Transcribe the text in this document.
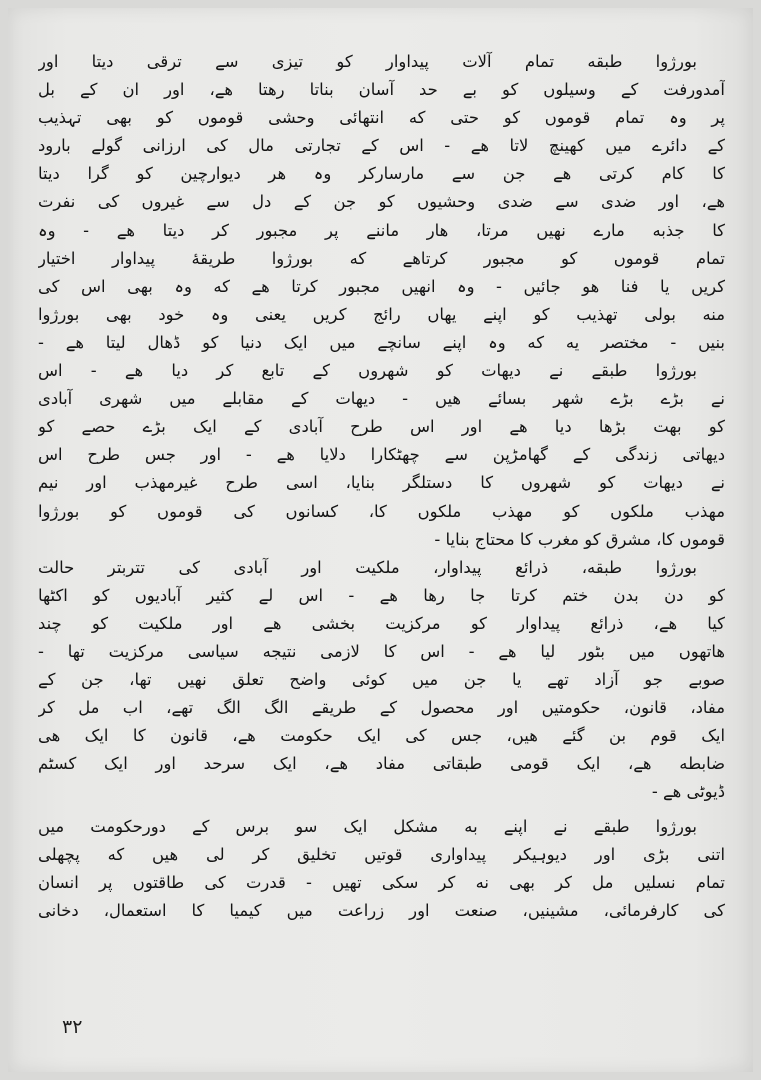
بورژوا طبقه تمام آلات پیداوار کو تیزی سے ترقی دیتا اور
آمدورفت کے وسیلوں کو بے حد آسان بناتا رهتا هے، اور ان کے بل
پر وہ تمام قوموں کو حتی که انتهائی وحشی قوموں کو بهی تہذیب
کے دائرے میں کهینچ لاتا هے - اس کے تجارتی مال کی ارزانی گولے بارود
کا کام کرتی هے جن سے مارسارکر وہ هر دیوارچین کو گرا دیتا
هے، اور ضدی سے ضدی وحشیوں کو جن کے دل سے غیروں کی نفرت
کا جذبه مارے نهیں مرتا، هار ماننے پر مجبور کر دیتا هے - وہ
تمام قوموں کو مجبور کرتاهے که بورژوا طریقهٔ پیداوار اختیار
کریں یا فنا هو جائیں - وہ انهیں مجبور کرتا هے که وہ بهی اس کی
منه بولی تهذیب کو اپنے یهاں رائج کریں یعنی وہ خود بهی بورژوا
بنیں - مختصر یه که وہ اپنے سانچے میں ایک دنیا کو ڈهال لیتا هے -
بورژوا طبقے نے دیهات کو شهروں کے تابع کر دیا هے - اس
نے بڑے بڑے شهر بسائے هیں - دیهات کے مقابلے میں شهری آبادی
کو بهت بڑها دیا هے اور اس طرح آبادی کے ایک بڑے حصے کو
دیهاتی زندگی کے گهامڑپن سے چهٹکارا دلایا هے - اور جس طرح اس
نے دیهات کو شهروں کا دستلگر بنایا، اسی طرح غیرمهذب اور نیم
مهذب ملکوں کو مهذب ملکوں کا، کسانوں کی قوموں کو بورژوا
قوموں کا، مشرق کو مغرب کا محتاج بنایا -
بورژوا طبقه، ذرائع پیداوار، ملکیت اور آبادی کی تتربتر حالت
کو دن بدن ختم کرتا جا رها هے - اس لے کثیر آبادیوں کو اکٹها
کیا هے، ذرائع پیداوار کو مرکزیت بخشی هے اور ملکیت کو چند
هاتهوں میں بٹور لیا هے - اس کا لازمی نتیجه سیاسی مرکزیت تها -
صوبے جو آزاد تهے یا جن میں کوئی واضح تعلق نهیں تها، جن کے
مفاد، قانون، حکومتیں اور محصول کے طریقے الگ الگ تهے، اب مل کر
ایک قوم بن گئے هیں، جس کی ایک حکومت هے، قانون کا ایک هی
ضابطه هے، ایک قومی طبقاتی مفاد هے، ایک سرحد اور ایک کسٹم
ڈیوٹی هے -
بورژوا طبقے نے اپنے به مشکل ایک سو برس کے دورحکومت میں
اتنی بڑی اور دیوہیکر پیداواری قوتیں تخلیق کر لی هیں که پچهلی
تمام نسلیں مل کر بهی نه کر سکی تهیں - قدرت کی طاقتوں پر انسان
کی کارفرمائی، مشینیں، صنعت اور زراعت میں کیمیا کا استعمال، دخانی
۳۲
